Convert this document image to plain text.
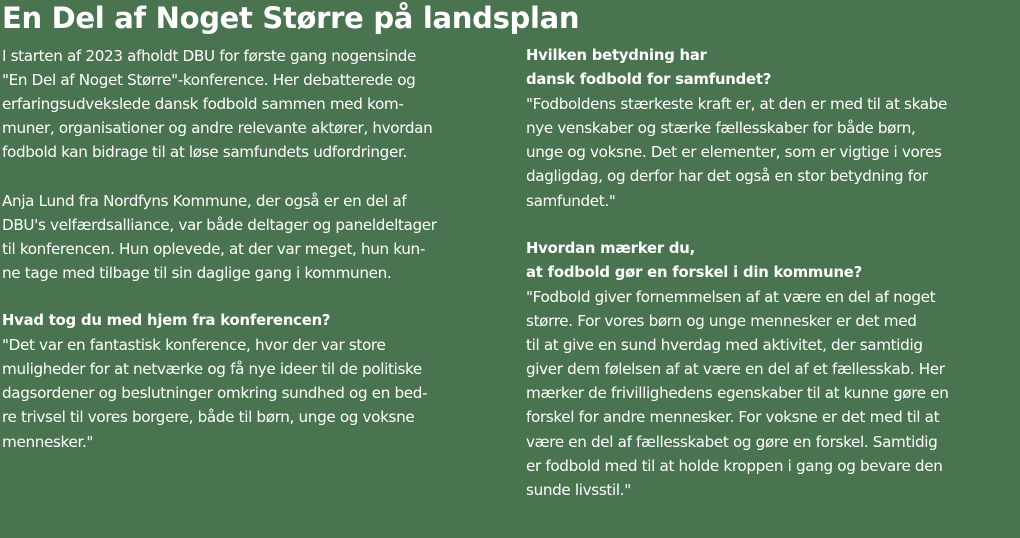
En Del af Noget Større på landsplan
I starten af 2023 afholdt DBU for første gang nogensinde
"En Del af Noget Større"-konference. Her debatterede og
erfaringsudvekslede dansk fodbold sammen med kom-
muner, organisationer og andre relevante aktører, hvordan
fodbold kan bidrage til at løse samfundets udfordringer.
Anja Lund fra Nordfyns Kommune, der også er en del af
DBU's velfærdsalliance, var både deltager og paneldeltager
til konferencen. Hun oplevede, at der var meget, hun kun-
ne tage med tilbage til sin daglige gang i kommunen.
Hvad tog du med hjem fra konferencen?
"Det var en fantastisk konference, hvor der var store
muligheder for at netværke og få nye ideer til de politiske
dagsordener og beslutninger omkring sundhed og en bed-
re trivsel til vores borgere, både til børn, unge og voksne
mennesker."
Hvilken betydning har
dansk fodbold for samfundet?
"Fodboldens stærkeste kraft er, at den er med til at skabe
nye venskaber og stærke fællesskaber for både børn,
unge og voksne. Det er elementer, som er vigtige i vores
dagligdag, og derfor har det også en stor betydning for
samfundet."
Hvordan mærker du,
at fodbold gør en forskel i din kommune?
"Fodbold giver fornemmelsen af at være en del af noget
større. For vores børn og unge mennesker er det med
til at give en sund hverdag med aktivitet, der samtidig
giver dem følelsen af at være en del af et fællesskab. Her
mærker de frivillighedens egenskaber til at kunne gøre en
forskel for andre mennesker. For voksne er det med til at
være en del af fællesskabet og gøre en forskel. Samtidig
er fodbold med til at holde kroppen i gang og bevare den
sunde livsstil."
